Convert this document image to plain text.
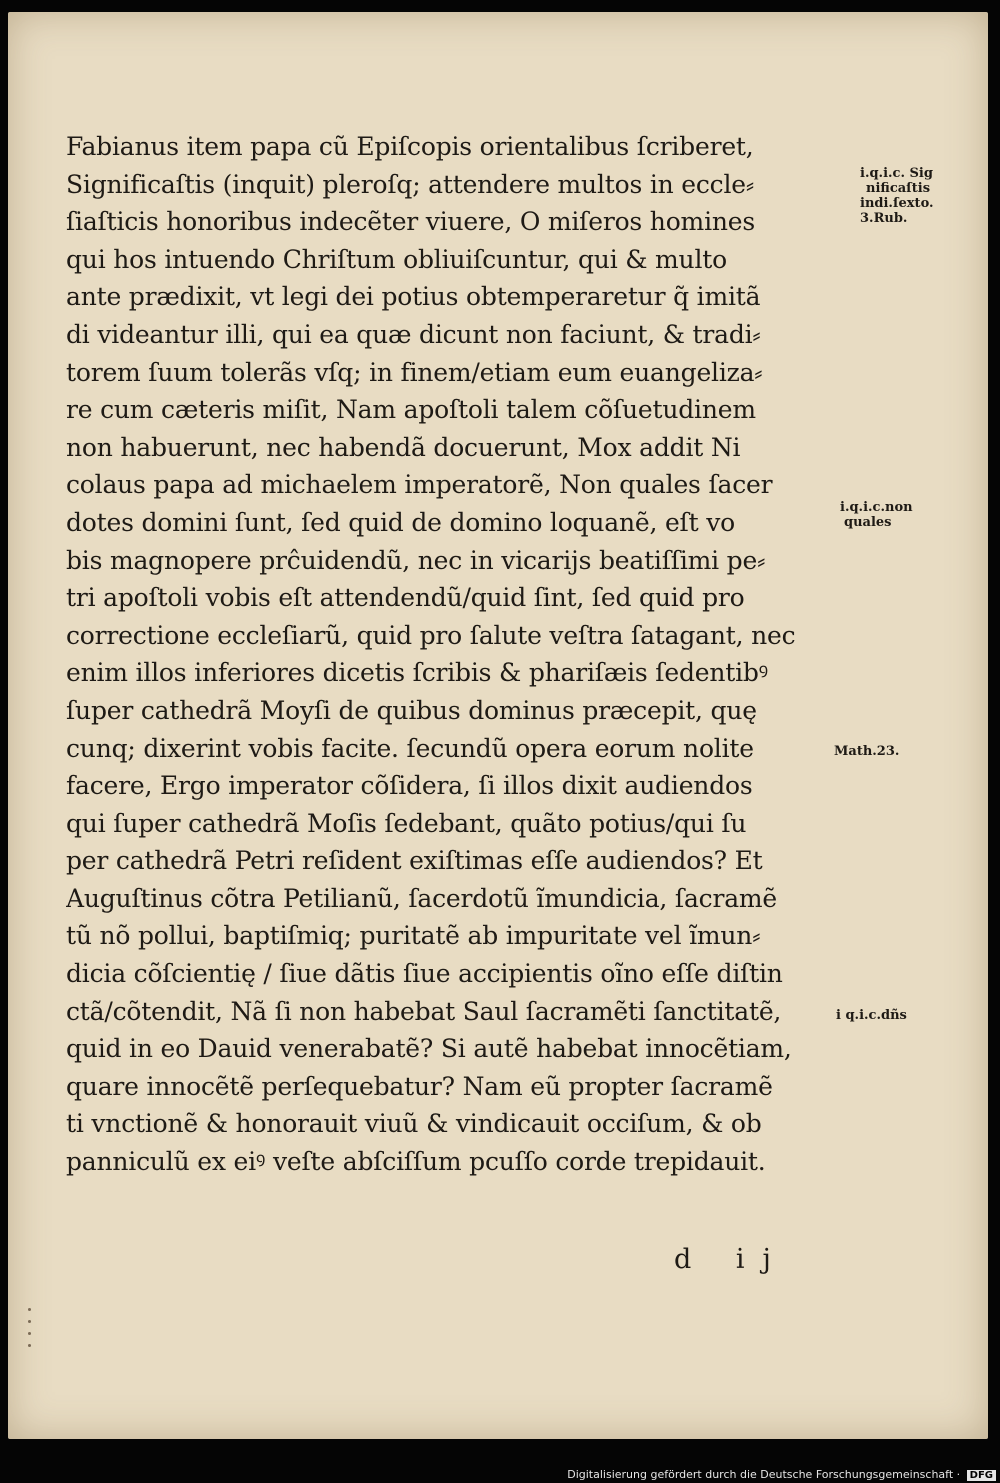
Fabianus item papa cũ Epiſcopis orientalibus ſcriberet,
Significaſtis (inquit) pleroſq; attendere multos in eccle⸗
ſiaſticis honoribus indecẽter viuere, O miſeros homines
qui hos intuendo Chriſtum obliuiſcuntur, qui & multo
ante prædixit, vt legi dei potius obtemperaretur q̃ imitã
di videantur illi, qui ea quæ dicunt non faciunt, & tradi⸗
torem ſuum tolerãs vſq; in finem/etiam eum euangeliza⸗
re cum cæteris miſit, Nam apoſtoli talem cõſuetudinem
non habuerunt, nec habendã docuerunt, Mox addit Ni
colaus papa ad michaelem imperatorẽ, Non quales ſacer
dotes domini ſunt, ſed quid de domino loquanẽ, eſt vo
bis magnopere prĉuidendũ, nec in vicarijs beatiſſimi pe⸗
tri apoſtoli vobis eſt attendendũ/quid ſint, ſed quid pro
correctione eccleſiarũ, quid pro ſalute veſtra ſatagant, nec
enim illos inferiores dicetis ſcribis & phariſæis ſedentibꝰ
ſuper cathedrã Moyſi de quibus dominus præcepit, quę
cunq; dixerint vobis facite. ſecundũ opera eorum nolite
facere, Ergo imperator cõſidera, ſi illos dixit audiendos
qui ſuper cathedrã Moſis ſedebant, quãto potius/qui ſu
per cathedrã Petri reſident exiſtimas eſſe audiendos? Et
Auguſtinus cõtra Petilianũ, ſacerdotũ ĩmundicia, ſacramẽ
tũ nõ pollui, baptiſmiq; puritatẽ ab impuritate vel ĩmun⸗
dicia cõſcientię / ſiue dãtis ſiue accipientis oĩno eſſe diſtin
ctã/cõtendit, Nã ſi non habebat Saul ſacramẽti ſanctitatẽ,
quid in eo Dauid venerabatẽ? Si autẽ habebat innocẽtiam,
quare innocẽtẽ perſequebatur? Nam eũ propter ſacramẽ
ti vnctionẽ & honorauit viuũ & vindicauit occiſum, & ob
panniculũ ex eiꝰ veſte abſciſſum pcuſſo corde trepidauit.
i.q.i.c. Sig
nificaſtis
indi.ſexto.
3.Rub.
i.q.i.c.non
quales
Math.23.
i q.i.c.dñs
d ij
Digitalisierung gefördert durch die Deutsche Forschungsgemeinschaft · DFG
